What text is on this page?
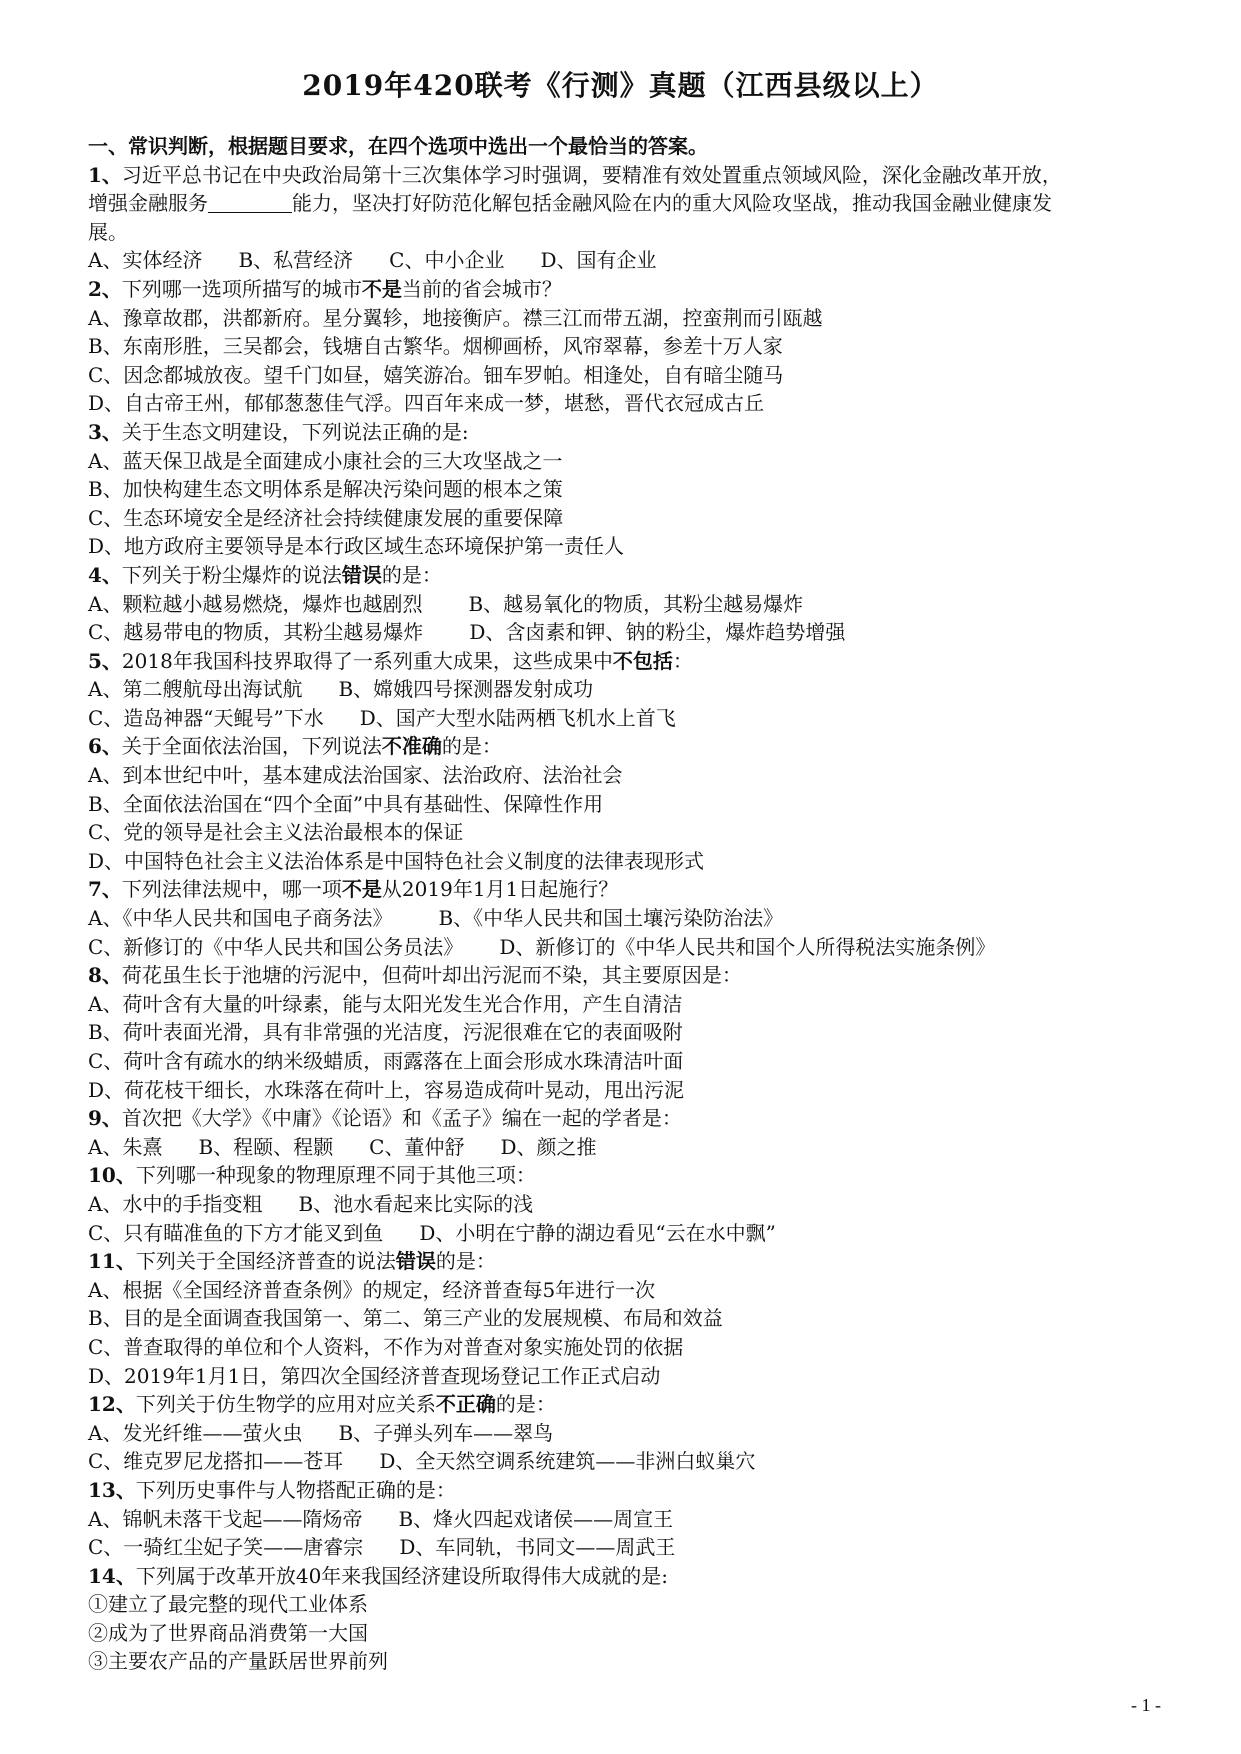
2019年420联考《行测》真题（江西县级以上）
一、常识判断，根据题目要求，在四个选项中选出一个最恰当的答案。
1、习近平总书记在中央政治局第十三次集体学习时强调，要精准有效处置重点领域风险，深化金融改革开放，
增强金融服务	能力，坚决打好防范化解包括金融风险在内的重大风险攻坚战，推动我国金融业健康发
展。
A、实体经济 B、私营经济 C、中小企业 D、国有企业
2、下列哪一选项所描写的城市不是当前的省会城市？
A、豫章故郡，洪都新府。星分翼轸，地接衡庐。襟三江而带五湖，控蛮荆而引瓯越
B、东南形胜，三吴都会，钱塘自古繁华。烟柳画桥，风帘翠幕，参差十万人家
C、因念都城放夜。望千门如昼，嬉笑游冶。钿车罗帕。相逢处，自有暗尘随马
D、自古帝王州，郁郁葱葱佳气浮。四百年来成一梦，堪愁，晋代衣冠成古丘
3、关于生态文明建设，下列说法正确的是:
A、蓝天保卫战是全面建成小康社会的三大攻坚战之一
B、加快构建生态文明体系是解决污染问题的根本之策
C、生态环境安全是经济社会持续健康发展的重要保障
D、地方政府主要领导是本行政区域生态环境保护第一责任人
4、下列关于粉尘爆炸的说法错误的是：
A、颗粒越小越易燃烧，爆炸也越剧烈 B、越易氧化的物质，其粉尘越易爆炸
C、越易带电的物质，其粉尘越易爆炸 D、含卤素和钾、钠的粉尘，爆炸趋势增强
5、2018年我国科技界取得了一系列重大成果，这些成果中不包括：
A、第二艘航母出海试航 B、嫦娥四号探测器发射成功
C、造岛神器“天鲲号”下水 D、国产大型水陆两栖飞机水上首飞
6、关于全面依法治国，下列说法不准确的是：
A、到本世纪中叶，基本建成法治国家、法治政府、法治社会
B、全面依法治国在“四个全面”中具有基础性、保障性作用
C、党的领导是社会主义法治最根本的保证
D、中国特色社会主义法治体系是中国特色社会义制度的法律表现形式
7、下列法律法规中，哪一项不是从2019年1月1日起施行？
A、《中华人民共和国电子商务法》 B、《中华人民共和国土壤污染防治法》
C、新修订的《中华人民共和国公务员法》 D、新修订的《中华人民共和国个人所得税法实施条例》
8、荷花虽生长于池塘的污泥中，但荷叶却出污泥而不染，其主要原因是：
A、荷叶含有大量的叶绿素，能与太阳光发生光合作用，产生自清洁
B、荷叶表面光滑，具有非常强的光洁度，污泥很难在它的表面吸附
C、荷叶含有疏水的纳米级蜡质，雨露落在上面会形成水珠清洁叶面
D、荷花枝干细长，水珠落在荷叶上，容易造成荷叶晃动，甩出污泥
9、首次把《大学》《中庸》《论语》和《孟子》编在一起的学者是：
A、朱熹 B、程颐、程颢 C、董仲舒 D、颜之推
10、下列哪一种现象的物理原理不同于其他三项：
A、水中的手指变粗 B、池水看起来比实际的浅
C、只有瞄准鱼的下方才能叉到鱼 D、小明在宁静的湖边看见“云在水中飘”
11、下列关于全国经济普查的说法错误的是：
A、根据《全国经济普查条例》的规定，经济普查每5年进行一次
B、目的是全面调查我国第一、第二、第三产业的发展规模、布局和效益
C、普查取得的单位和个人资料，不作为对普查对象实施处罚的依据
D、2019年1月1日，第四次全国经济普查现场登记工作正式启动
12、下列关于仿生物学的应用对应关系不正确的是：
A、发光纤维——萤火虫 B、子弹头列车——翠鸟
C、维克罗尼龙搭扣——苍耳 D、全天然空调系统建筑——非洲白蚁巢穴
13、下列历史事件与人物搭配正确的是：
A、锦帆未落干戈起——隋炀帝 B、烽火四起戏诸侯——周宣王
C、一骑红尘妃子笑——唐睿宗 D、车同轨，书同文——周武王
14、下列属于改革开放40年来我国经济建设所取得伟大成就的是:
①建立了最完整的现代工业体系
②成为了世界商品消费第一大国
③主要农产品的产量跃居世界前列
- 1 -
